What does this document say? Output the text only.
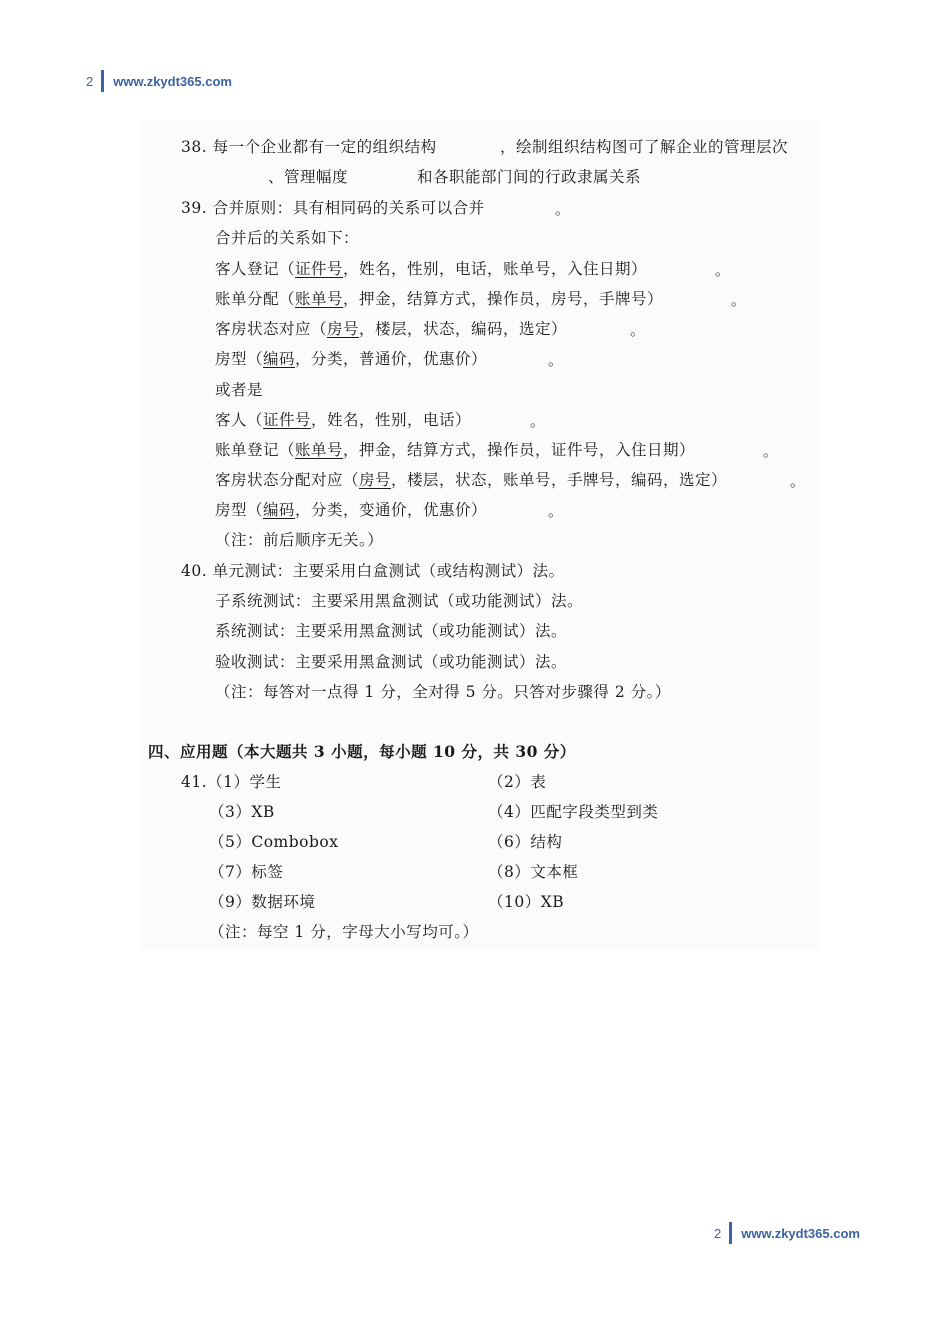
2 www.zkydt365.com
38. 每一个企业都有一定的组织结构	，绘制组织结构图可了解企业的管理层次
、管理幅度	和各职能部门间的行政隶属关系
39. 合并原则：具有相同码的关系可以合并	。
合并后的关系如下：
客人登记（证件号，姓名，性别，电话，账单号，入住日期）	。
账单分配（账单号，押金，结算方式，操作员，房号，手牌号）	。
客房状态对应（房号，楼层，状态，编码，选定）	。
房型（编码，分类，普通价，优惠价）	。
或者是
客人（证件号，姓名，性别，电话）	。
账单登记（账单号，押金，结算方式，操作员，证件号，入住日期）	。
客房状态分配对应（房号，楼层，状态，账单号，手牌号，编码，选定）	。
房型（编码，分类，变通价，优惠价）	。
（注：前后顺序无关。）
40. 单元测试：主要采用白盒测试（或结构测试）法。
子系统测试：主要采用黑盒测试（或功能测试）法。
系统测试：主要采用黑盒测试（或功能测试）法。
验收测试：主要采用黑盒测试（或功能测试）法。
（注：每答对一点得 1 分，全对得 5 分。只答对步骤得 2 分。）
四、应用题（本大题共 3 小题，每小题 10 分，共 30 分）
41.（1）学生	（2）表
（3）XB	（4）匹配字段类型到类
（5）Combobox	（6）结构
（7）标签	（8）文本框
（9）数据环境	（10）XB
（注：每空 1 分，字母大小写均可。）
2 www.zkydt365.com
